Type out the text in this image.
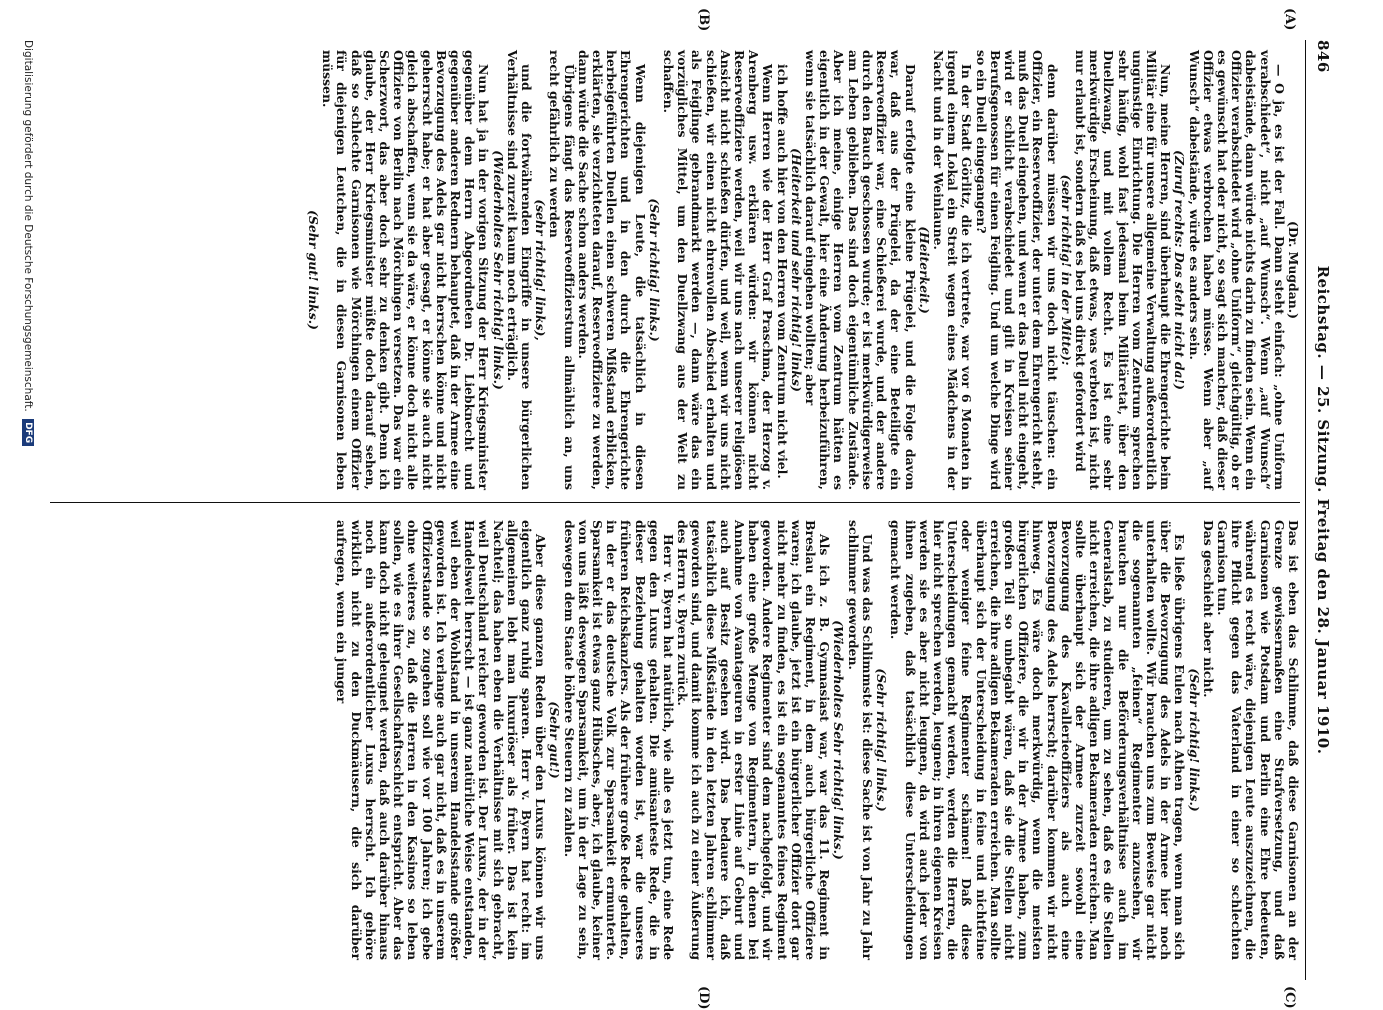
846
Reichstag. — 25. Sitzung. Freitag den 28. Januar 1910.
(A)
(B)
(C)
(D)

(Dr. Mugdan.)

— O ja, es ist der Fall. Dann steht einfach: „ohne Uniform verabschiedet“, nicht „auf Wunsch“. Wenn „auf Wunsch“ dabeistände, dann würde nichts darin zu finden sein. Wenn ein Offizier verabschiedet wird „ohne Uniform“, gleichgültig, ob er es gewünscht hat oder nicht, so sagt sich mancher, daß dieser Offizier etwas verbrochen haben müsse. Wenn aber „auf Wunsch“ dabeistände, würde es anders sein.

(Zuruf rechts: Das steht nicht da!)

Nun, meine Herren, sind überhaupt die Ehrengerichte beim Militär eine für unsere allgemeine Verwaltung außerordentlich ungünstige Einrichtung. Die Herren vom Zentrum sprechen sehr häufig, wohl fast jedesmal beim Militäretat, über den Duellzwang, und mit vollem Recht. Es ist eine sehr merkwürdige Erscheinung, daß etwas, was verboten ist, nicht nur erlaubt ist, sondern daß es bei uns direkt gefordert wird

(sehr richtig! in der Mitte):

denn darüber müssen wir uns doch nicht täuschen: ein Offizier, ein Reserveoffizier, der unter dem Ehrengericht steht, muß das Duell eingehen, und wenn er das Duell nicht eingeht, wird er schlicht verabschiedet und gilt in Kreisen seiner Berufsgenossen für einen Feigling. Und um welche Dinge wird so ein Duell eingegangen?

In der Stadt Görlitz, die ich vertrete, war vor 6 Monaten in irgend einem Lokal ein Streit wegen eines Mädchens in der Nacht und in der Weinlaune.

(Heiterkeit.)

Darauf erfolgte eine kleine Prügelei, und die Folge davon war, daß aus der Prügelei, da der eine Beteiligte ein Reserveoffizier war, eine Schießerei wurde, und der andere durch den Bauch geschossen wurde; er ist merkwürdigerweise am Leben geblieben. Das sind doch eigentümliche Zustände. Aber ich meine, einige Herren vom Zentrum hätten es eigentlich in der Gewalt, hier eine Änderung herbeizuführen, wenn sie tatsächlich darauf eingehen wollten; aber

(Heiterkeit und sehr richtig! links)

ich hoffe auch hier von den Herren vom Zentrum nicht viel.

Wenn Herren wie der Herr Graf Praschma, der Herzog v. Arenberg usw. erklären würden: wir können nicht Reserveoffiziere werden, weil wir uns nach unserer religiösen Ansicht nicht schießen dürfen, und weil, wenn wir uns nicht schießen, wir einen nicht ehrenvollen Abschied erhalten und als Feiglinge gebrandmarkt werden —, dann wäre das ein vorzügliches Mittel, um den Duellzwang aus der Welt zu schaffen.

(Sehr richtig! links.)

Wenn diejenigen Leute, die tatsächlich in diesen Ehrengerichten und in den durch die Ehrengerichte herbeigeführten Duellen einen schweren Mißstand erblicken, erklärten, sie verzichteten darauf, Reserveoffiziere zu werden, dann würde die Sache schon anders werden.

Übrigens fängt das Reserveoffizierstum allmählich an, uns recht gefährlich zu werden

(sehr richtig! links),

und die fortwährenden Eingriffe in unsere bürgerlichen Verhältnisse sind zurzeit kaum noch erträglich.

(Wiederholtes Sehr richtig! links.)

Nun hat ja in der vorigen Sitzung der Herr Kriegsminister gegenüber dem Herrn Abgeordneten Dr. Liebknecht und gegenüber anderen Rednern behauptet, daß in der Armee eine Bevorzugung des Adels gar nicht herrschen könne und nicht geherrscht habe; er hat aber gesagt, er könne sie auch nicht gleich abschaffen, wenn sie da wäre, er könne doch nicht alle Offiziere von Berlin nach Mörchingen versetzen. Das war ein Scherzwort, das aber doch sehr zu denken gibt. Denn ich glaube, der Herr Kriegsminister müßte doch darauf sehen, daß so schlechte Garnisonen wie Mörchingen einem Offizier für diejenigen Leutchen, die in diesen Garnisonen leben müssen.

(Sehr gut! links.)

Das ist eben das Schlimme, daß diese Garnisonen an der Grenze gewissermaßen eine Strafversetzung, und daß Garnisonen wie Potsdam und Berlin eine Ehre bedeuten, während es recht wäre, diejenigen Leute auszuzeichnen, die ihre Pflicht gegen das Vaterland in einer so schlechten Garnison tun.

Das geschieht aber nicht.

(Sehr richtig! links.)

Es ließe übrigens Eulen nach Athen tragen, wenn man sich über die Bevorzugung des Adels in der Armee hier noch unterhalten wollte. Wir brauchen uns zum Beweise gar nicht die sogenannten „feinen“ Regimenter anzusehen, wir brauchen nur die Beförderungsverhältnisse auch im Generalstab, zu studieren, um zu sehen, daß es die Stellen nicht erreichen, die ihre adligen Bekameraden erreichen. Man sollte überhaupt sich der Armee zurzeit sowohl eine Bevorzugung des Kavallerieoffiziers als auch eine Bevorzugung des Adels herrscht; darüber kommen wir nicht hinweg. Es wäre doch merkwürdig, wenn die meisten bürgerlichen Offiziere, die wir in der Armee haben, zum großen Teil so unbegabt wären, daß sie die Stellen nicht erreichen, die ihre adligen Bekameraden erreichen. Man sollte überhaupt sich der Unterscheidung in feine und nichtfeine oder weniger feine Regimenter schämen! Daß diese Unterscheidungen gemacht werden, werden die Herren, die hier nicht sprechen werden, leugnen; in ihren eigenen Kreisen werden sie es aber nicht leugnen, da wird auch jeder von ihnen zugeben, daß tatsächlich diese Unterscheidungen gemacht werden.

(Sehr richtig! links.)

Und was das Schlimmste ist: diese Sache ist von Jahr zu Jahr schlimmer geworden.

(Wiederholtes Sehr richtig! links.)

Als ich z. B. Gymnasiast war, war das 11. Regiment in Breslau ein Regiment, in dem auch bürgerliche Offiziere waren; ich glaube, jetzt ist ein bürgerlicher Offizier dort gar nicht mehr zu finden, es ist ein sogenanntes feines Regiment geworden. Andere Regimenter sind dem nachgefolgt, und wir haben eine große Menge von Regimentern, in denen bei Annahme von Avantageuren in erster Linie auf Geburt und auch auf Besitz gesehen wird. Das bedauere ich, daß tatsächlich diese Mißstände in den letzten Jahren schlimmer geworden sind, und damit komme ich auch zu einer Äußerung des Herrn v. Byern zurück.

Herr v. Byern hat natürlich, wie alle es jetzt tun, eine Rede gegen den Luxus gehalten. Die amüsanteste Rede, die in dieser Beziehung gehalten worden ist, war die unseres früheren Reichskanzlers. Als der frühere große Rede gehalten, in der er das deutsche Volk zur Sparsamkeit ermunterte. Sparsamkeit ist etwas ganz Hübsches, aber, ich glaube, keiner von uns läßt deswegen Sparsamkeit, um in der Lage zu sein, deswegen dem Staate höhere Steuern zu zahlen.

(Sehr gut!)

Aber diese ganzen Reden über den Luxus können wir uns eigentlich ganz ruhig sparen. Herr v. Byern hat recht: im allgemeinen lebt man luxuriöser als früher. Das ist kein Nachteil; das haben eben die Verhältnisse mit sich gebracht, weil Deutschland reicher geworden ist. Der Luxus, der in der Handelswelt herrscht — ist ganz natürliche Weise entstanden, weil eben der Wohlstand in unserem Handelsstande größer geworden ist. Ich verlange auch gar nicht, daß es in unserem Offizierstande so zugehen soll wie vor 100 Jahren; ich gebe ohne weiteres zu, daß die Herren in den Kasinos so leben sollen, wie es ihrer Gesellschaftsschicht entspricht. Aber das kann doch nicht geleugnet werden, daß auch darüber hinaus noch ein außerordentlicher Luxus herrscht. Ich gehöre wirklich nicht zu den Duckmäusern, die sich darüber aufregen, wenn ein junger

Digitalisierung gefördert durch die Deutsche Forschungsgemeinschaft. DFG
